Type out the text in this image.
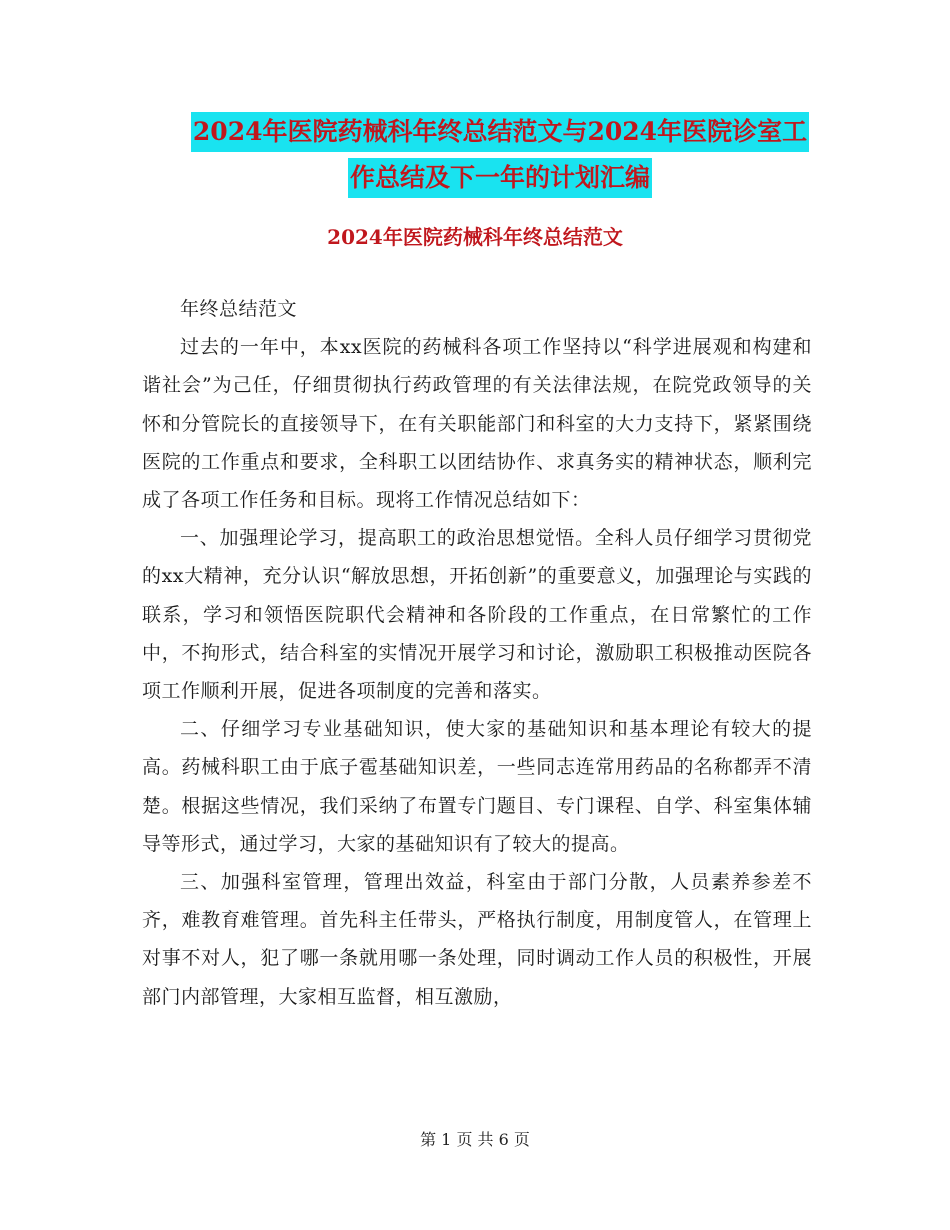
2024年医院药械科年终总结范文与2024年医院诊室工
作总结及下一年的计划汇编
2024年医院药械科年终总结范文

年终总结范文

过去的一年中，本xx医院的药械科各项工作坚持以“科学进展观和构建和谐社会”为己任，仔细贯彻执行药政管理的有关法律法规，在院党政领导的关怀和分管院长的直接领导下，在有关职能部门和科室的大力支持下，紧紧围绕医院的工作重点和要求，全科职工以团结协作、求真务实的精神状态，顺利完成了各项工作任务和目标。现将工作情况总结如下：

一、加强理论学习，提高职工的政治思想觉悟。全科人员仔细学习贯彻党的xx大精神，充分认识“解放思想，开拓创新”的重要意义，加强理论与实践的联系，学习和领悟医院职代会精神和各阶段的工作重点，在日常繁忙的工作中，不拘形式，结合科室的实情况开展学习和讨论，激励职工积极推动医院各项工作顺利开展，促进各项制度的完善和落实。

二、仔细学习专业基础知识，使大家的基础知识和基本理论有较大的提高。药械科职工由于底子雹基础知识差，一些同志连常用药品的名称都弄不清楚。根据这些情况，我们采纳了布置专门题目、专门课程、自学、科室集体辅导等形式，通过学习，大家的基础知识有了较大的提高。

三、加强科室管理，管理出效益，科室由于部门分散，人员素养参差不齐，难教育难管理。首先科主任带头，严格执行制度，用制度管人，在管理上对事不对人，犯了哪一条就用哪一条处理，同时调动工作人员的积极性，开展部门内部管理，大家相互监督，相互激励，

第 1 页 共 6 页
